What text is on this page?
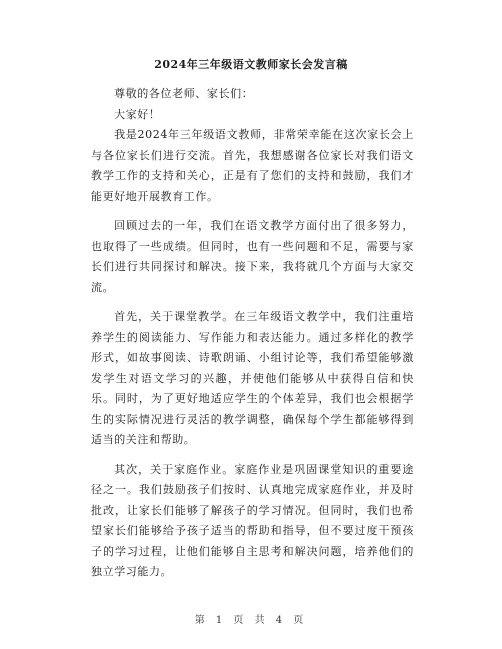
2024年三年级语文教师家长会发言稿

尊敬的各位老师、家长们：

大家好！

我是2024年三年级语文教师，非常荣幸能在这次家长会上与各位家长们进行交流。首先，我想感谢各位家长对我们语文教学工作的支持和关心，正是有了您们的支持和鼓励，我们才能更好地开展教育工作。

回顾过去的一年，我们在语文教学方面付出了很多努力，也取得了一些成绩。但同时，也有一些问题和不足，需要与家长们进行共同探讨和解决。接下来，我将就几个方面与大家交流。

首先，关于课堂教学。在三年级语文教学中，我们注重培养学生的阅读能力、写作能力和表达能力。通过多样化的教学形式，如故事阅读、诗歌朗诵、小组讨论等，我们希望能够激发学生对语文学习的兴趣，并使他们能够从中获得自信和快乐。同时，为了更好地适应学生的个体差异，我们也会根据学生的实际情况进行灵活的教学调整，确保每个学生都能够得到适当的关注和帮助。

其次，关于家庭作业。家庭作业是巩固课堂知识的重要途径之一。我们鼓励孩子们按时、认真地完成家庭作业，并及时批改，让家长们能够了解孩子的学习情况。但同时，我们也希望家长们能够给予孩子适当的帮助和指导，但不要过度干预孩子的学习过程，让他们能够自主思考和解决问题，培养他们的独立学习能力。

第 1 页 共 4 页
